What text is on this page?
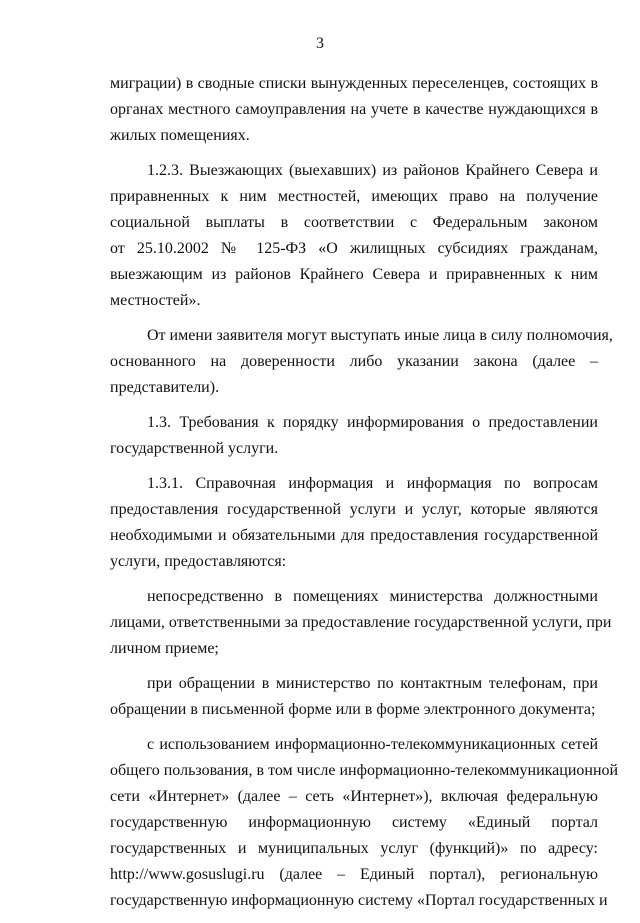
3
миграции) в сводные списки вынужденных переселенцев, состоящих в
органах местного самоуправления на учете в качестве нуждающихся в
жилых помещениях.
1.2.3. Выезжающих (выехавших) из районов Крайнего Севера и
приравненных к ним местностей, имеющих право на получение
социальной выплаты в соответствии с Федеральным законом
от 25.10.2002 № 125-ФЗ «О жилищных субсидиях гражданам,
выезжающим из районов Крайнего Севера и приравненных к ним
местностей».
От имени заявителя могут выступать иные лица в силу полномочия,
основанного на доверенности либо указании закона (далее –
представители).
1.3. Требования к порядку информирования о предоставлении
государственной услуги.
1.3.1. Справочная информация и информация по вопросам
предоставления государственной услуги и услуг, которые являются
необходимыми и обязательными для предоставления государственной
услуги, предоставляются:
непосредственно в помещениях министерства должностными
лицами, ответственными за предоставление государственной услуги, при
личном приеме;
при обращении в министерство по контактным телефонам, при
обращении в письменной форме или в форме электронного документа;
с использованием информационно-телекоммуникационных сетей
общего пользования, в том числе информационно-телекоммуникационной
сети «Интернет» (далее – сеть «Интернет»), включая федеральную
государственную информационную систему «Единый портал
государственных и муниципальных услуг (функций)» по адресу:
http://www.gosuslugi.ru (далее – Единый портал), региональную
государственную информационную систему «Портал государственных и
